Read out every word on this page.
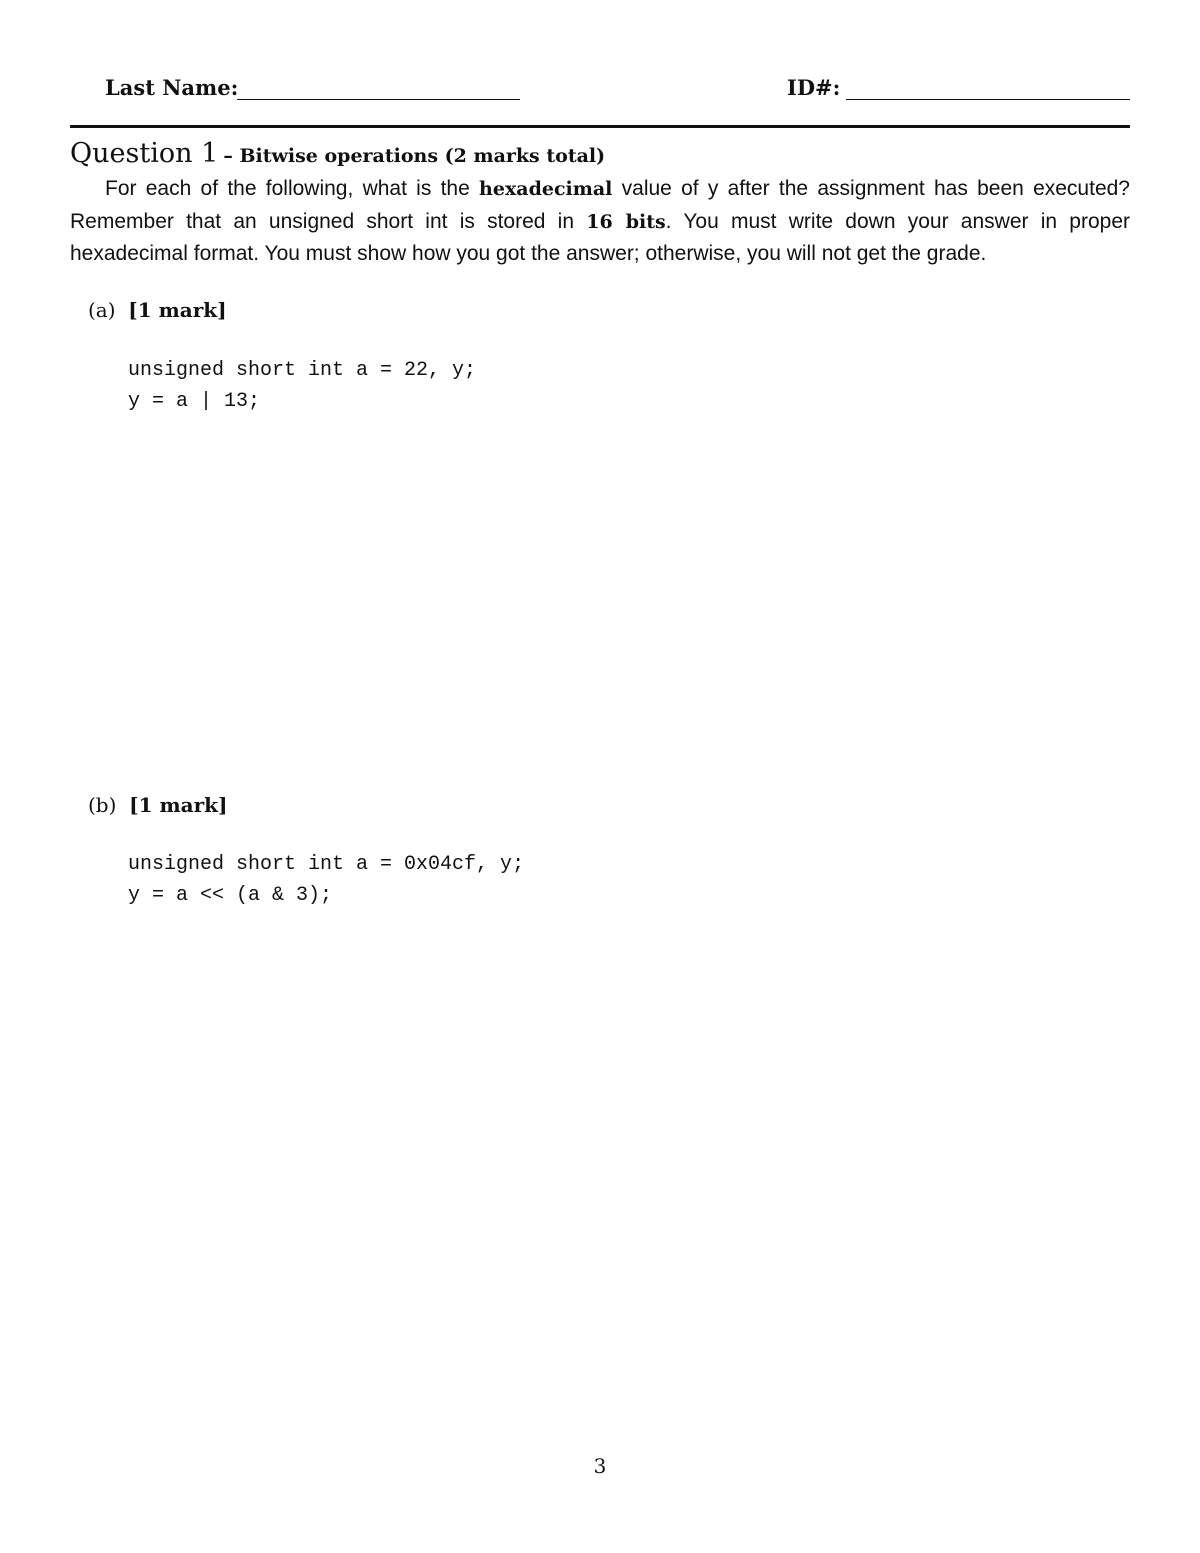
Last Name:	ID#:
Question 1 – Bitwise operations (2 marks total)
For each of the following, what is the hexadecimal value of y after the assignment has been executed? Remember that an unsigned short int is stored in 16 bits. You must write down your answer in proper hexadecimal format. You must show how you got the answer; otherwise, you will not get the grade.
(a) [1 mark]
unsigned short int a = 22, y;
y = a | 13;
(b) [1 mark]
unsigned short int a = 0x04cf, y;
y = a << (a & 3);
3
